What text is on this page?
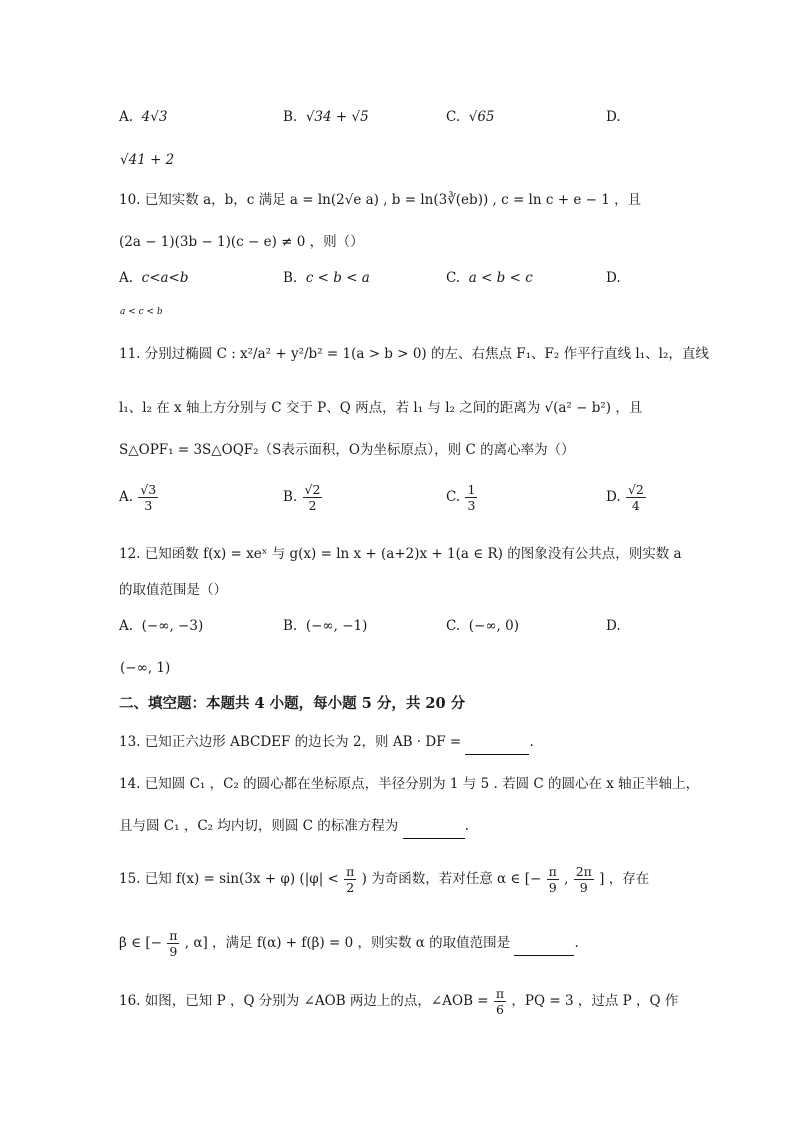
A. 4√3	B. √34 + √5	C. √65	D.
√41 + 2
10. 已知实数 a，b，c 满足 a = ln(2√e a) , b = ln(3∛(eb)) , c = ln c + e − 1 ，且
(2a − 1)(3b − 1)(c − e) ≠ 0 ，则（）
A. c<a<b	B. c < b < a	C. a < b < c	D.
a < c < b
11. 分别过椭圆 C : x²/a² + y²/b² = 1(a > b > 0) 的左、右焦点 F₁、F₂ 作平行直线 l₁、l₂，直线
l₁、l₂ 在 x 轴上方分别与 C 交于 P、Q 两点，若 l₁ 与 l₂ 之间的距离为 √(a² − b²) ，且
S△OPF₁ = 3S△OQF₂（S表示面积，O为坐标原点），则 C 的离心率为（）
A. $\frac{√3}{3}$	B. $\frac{√2}{2}$	C. $\frac{1}{3}$	D. $\frac{√2}{4}$
12. 已知函数 f(x) = xeˣ 与 g(x) = ln x + (a+2)x + 1(a ∈ R) 的图象没有公共点，则实数 a
的取值范围是（）
A. (−∞, −3)	B. (−∞, −1)	C. (−∞, 0)	D.
(−∞, 1)
二、填空题：本题共 4 小题，每小题 5 分，共 20 分
13. 已知正六边形 ABCDEF 的边长为 2，则 AB · DF =	.
14. 已知圆 C₁ ，C₂ 的圆心都在坐标原点，半径分别为 1 与 5 . 若圆 C 的圆心在 x 轴正半轴上，
且与圆 C₁ ，C₂ 均内切，则圆 C 的标准方程为	.
15. 已知 f(x) = sin(3x + φ) ($|\varphi| < \frac{\pi}{2}$ ) 为奇函数，若对任意 α ∈ [− $\frac{\pi}{9}$ , $\frac{2\pi}{9}$ ] ，存在
β ∈ [− $\frac{\pi}{9}$ , α] ，满足 f(α) + f(β) = 0 ，则实数 α 的取值范围是	.
16. 如图，已知 P ，Q 分别为 ∠AOB 两边上的点，∠AOB = $\frac{\pi}{6}$ ，PQ = 3 ，过点 P ，Q 作
